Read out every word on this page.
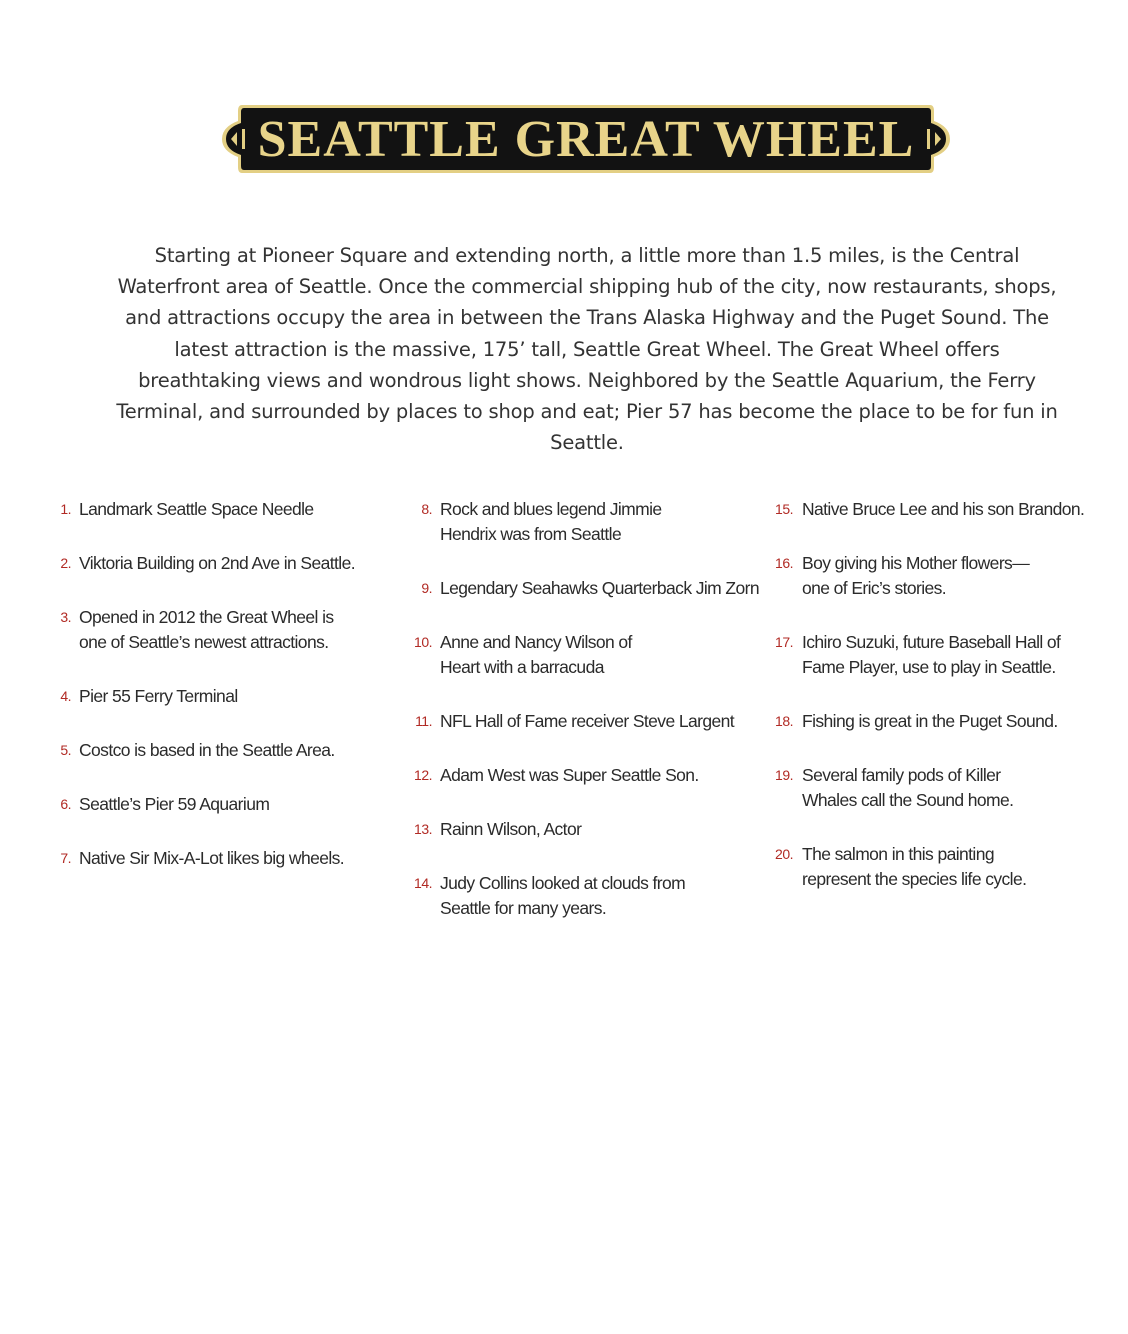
SEATTLE GREAT WHEEL

Starting at Pioneer Square and extending north, a little more than 1.5 miles, is the Central Waterfront area of Seattle. Once the commercial shipping hub of the city, now restaurants, shops, and attractions occupy the area in between the Trans Alaska Highway and the Puget Sound. The latest attraction is the massive, 175’ tall, Seattle Great Wheel. The Great Wheel offers breathtaking views and wondrous light shows. Neighbored by the Seattle Aquarium, the Ferry Terminal, and surrounded by places to shop and eat; Pier 57 has become the place to be for fun in Seattle.

1. Landmark Seattle Space Needle
2. Viktoria Building on 2nd Ave in Seattle.
3. Opened in 2012 the Great Wheel is
one of Seattle’s newest attractions.
4. Pier 55 Ferry Terminal
5. Costco is based in the Seattle Area.
6. Seattle’s Pier 59 Aquarium
7. Native Sir Mix-A-Lot likes big wheels.
8. Rock and blues legend Jimmie
Hendrix was from Seattle
9. Legendary Seahawks Quarterback Jim Zorn
10. Anne and Nancy Wilson of
Heart with a barracuda
11. NFL Hall of Fame receiver Steve Largent
12. Adam West was Super Seattle Son.
13. Rainn Wilson, Actor
14. Judy Collins looked at clouds from
Seattle for many years.
15. Native Bruce Lee and his son Brandon.
16. Boy giving his Mother flowers—
one of Eric’s stories.
17. Ichiro Suzuki, future Baseball Hall of
Fame Player, use to play in Seattle.
18. Fishing is great in the Puget Sound.
19. Several family pods of Killer
Whales call the Sound home.
20. The salmon in this painting
represent the species life cycle.
